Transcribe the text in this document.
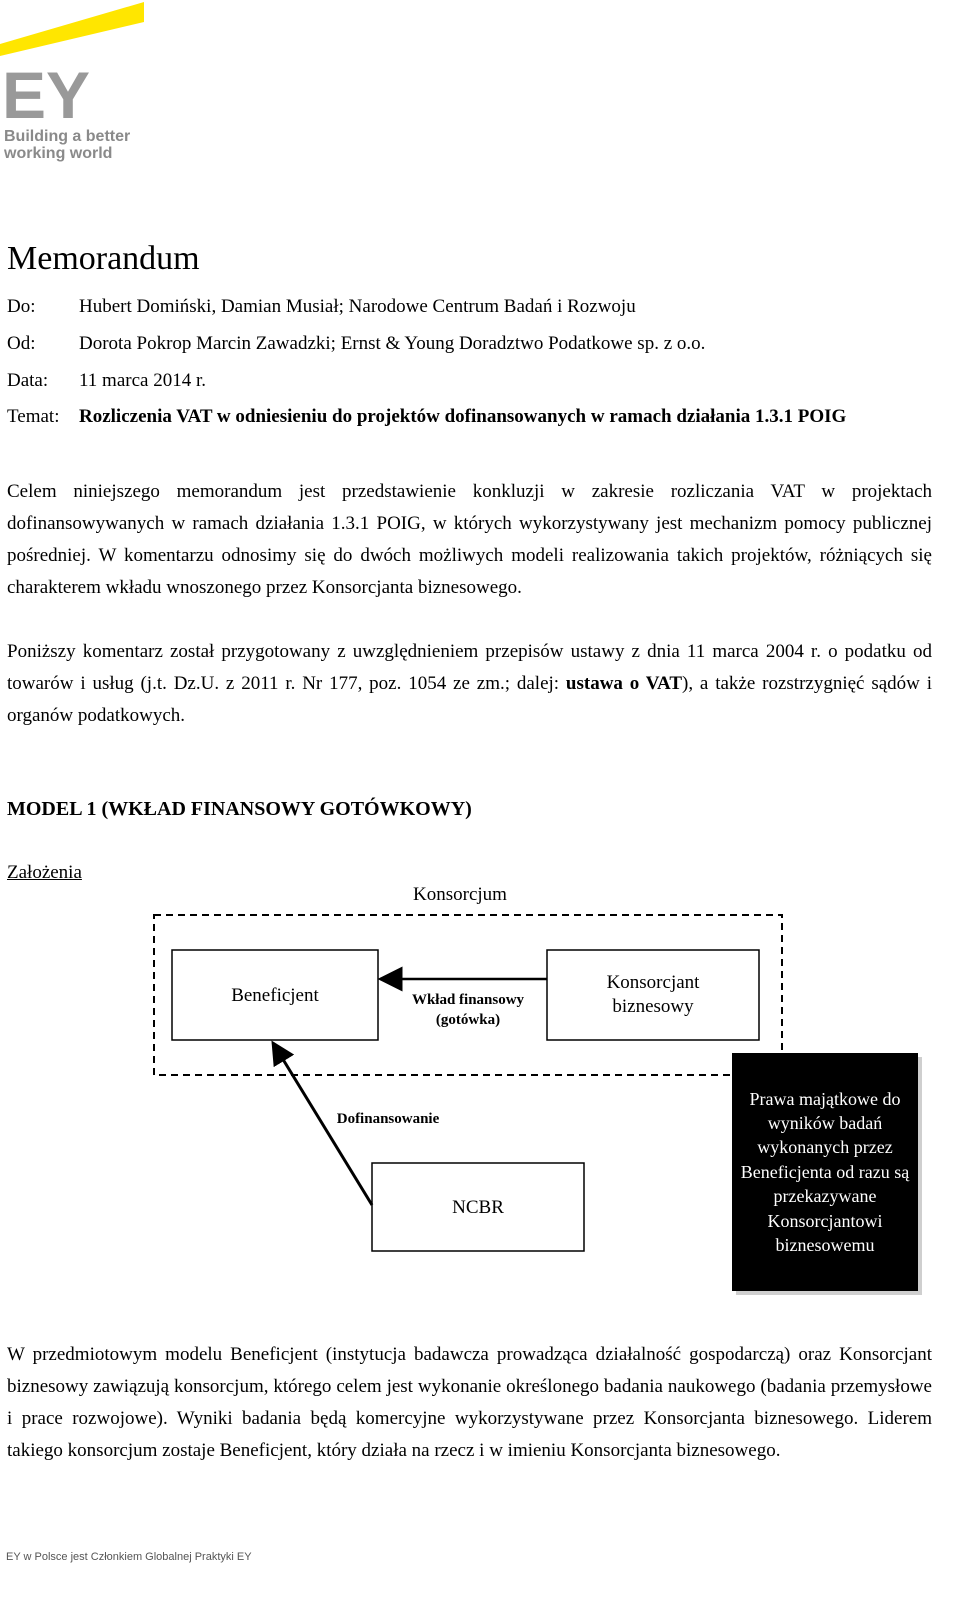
EY
Building a better
working world
Memorandum
Do: Hubert Domiński, Damian Musiał; Narodowe Centrum Badań i Rozwoju
Od: Dorota Pokrop Marcin Zawadzki; Ernst & Young Doradztwo Podatkowe sp. z o.o.
Data: 11 marca 2014 r.
Temat: Rozliczenia VAT w odniesieniu do projektów dofinansowanych w ramach działania 1.3.1 POIG

Celem niniejszego memorandum jest przedstawienie konkluzji w zakresie rozliczania VAT w projektach dofinansowywanych w ramach działania 1.3.1 POIG, w których wykorzystywany jest mechanizm pomocy publicznej pośredniej. W komentarzu odnosimy się do dwóch możliwych modeli realizowania takich projektów, różniących się charakterem wkładu wnoszonego przez Konsorcjanta biznesowego.

Poniższy komentarz został przygotowany z uwzględnieniem przepisów ustawy z dnia 11 marca 2004 r. o podatku od towarów i usług (j.t. Dz.U. z 2011 r. Nr 177, poz. 1054 ze zm.; dalej: ustawa o VAT), a także rozstrzygnięć sądów i organów podatkowych.

MODEL 1 (WKŁAD FINANSOWY GOTÓWKOWY)
Założenia
Konsorcjum
Beneficjent
Konsorcjant
biznesowy
Wkład finansowy
(gotówka)
Dofinansowanie
NCBR
Prawa majątkowe do wyników badań wykonanych przez Beneficjenta od razu są przekazywane Konsorcjantowi biznesowemu

W przedmiotowym modelu Beneficjent (instytucja badawcza prowadząca działalność gospodarczą) oraz Konsorcjant biznesowy zawiązują konsorcjum, którego celem jest wykonanie określonego badania naukowego (badania przemysłowe i prace rozwojowe). Wyniki badania będą komercyjne wykorzystywane przez Konsorcjanta biznesowego. Liderem takiego konsorcjum zostaje Beneficjent, który działa na rzecz i w imieniu Konsorcjanta biznesowego.

EY w Polsce jest Członkiem Globalnej Praktyki EY
